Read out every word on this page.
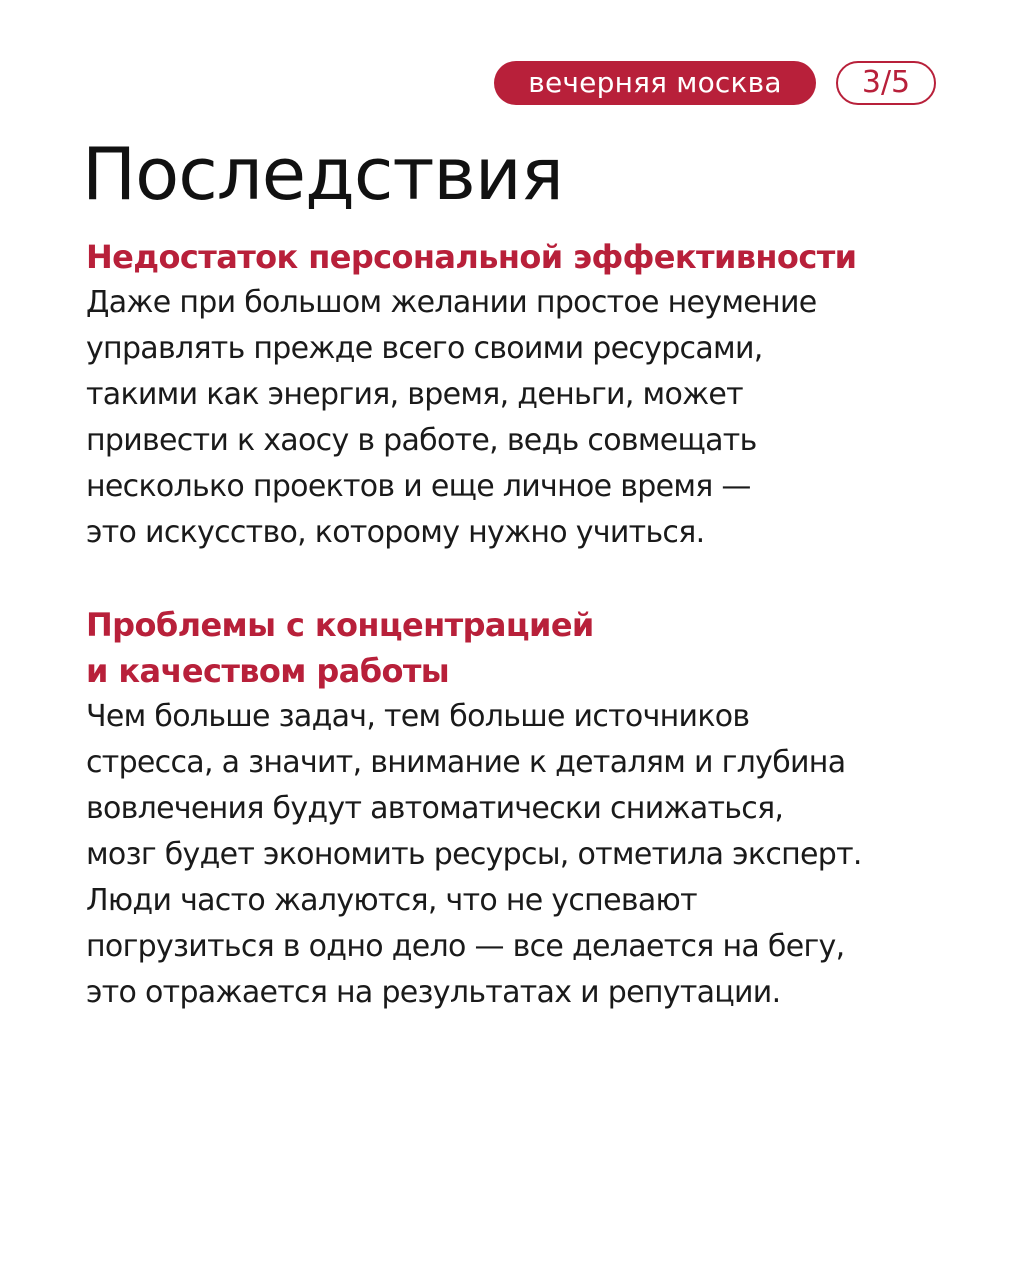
вечерняя москва	3/5
Последствия
Недостаток персональной эффективности

Даже при большом желании простое неумение
управлять прежде всего своими ресурсами,
такими как энергия, время, деньги, может
привести к хаосу в работе, ведь совмещать
несколько проектов и еще личное время —
это искусство, которому нужно учиться.

Проблемы с концентрацией
и качеством работы

Чем больше задач, тем больше источников
стресса, а значит, внимание к деталям и глубина
вовлечения будут автоматически снижаться,
мозг будет экономить ресурсы, отметила эксперт.
Люди часто жалуются, что не успевают
погрузиться в одно дело — все делается на бегу,
это отражается на результатах и репутации.
